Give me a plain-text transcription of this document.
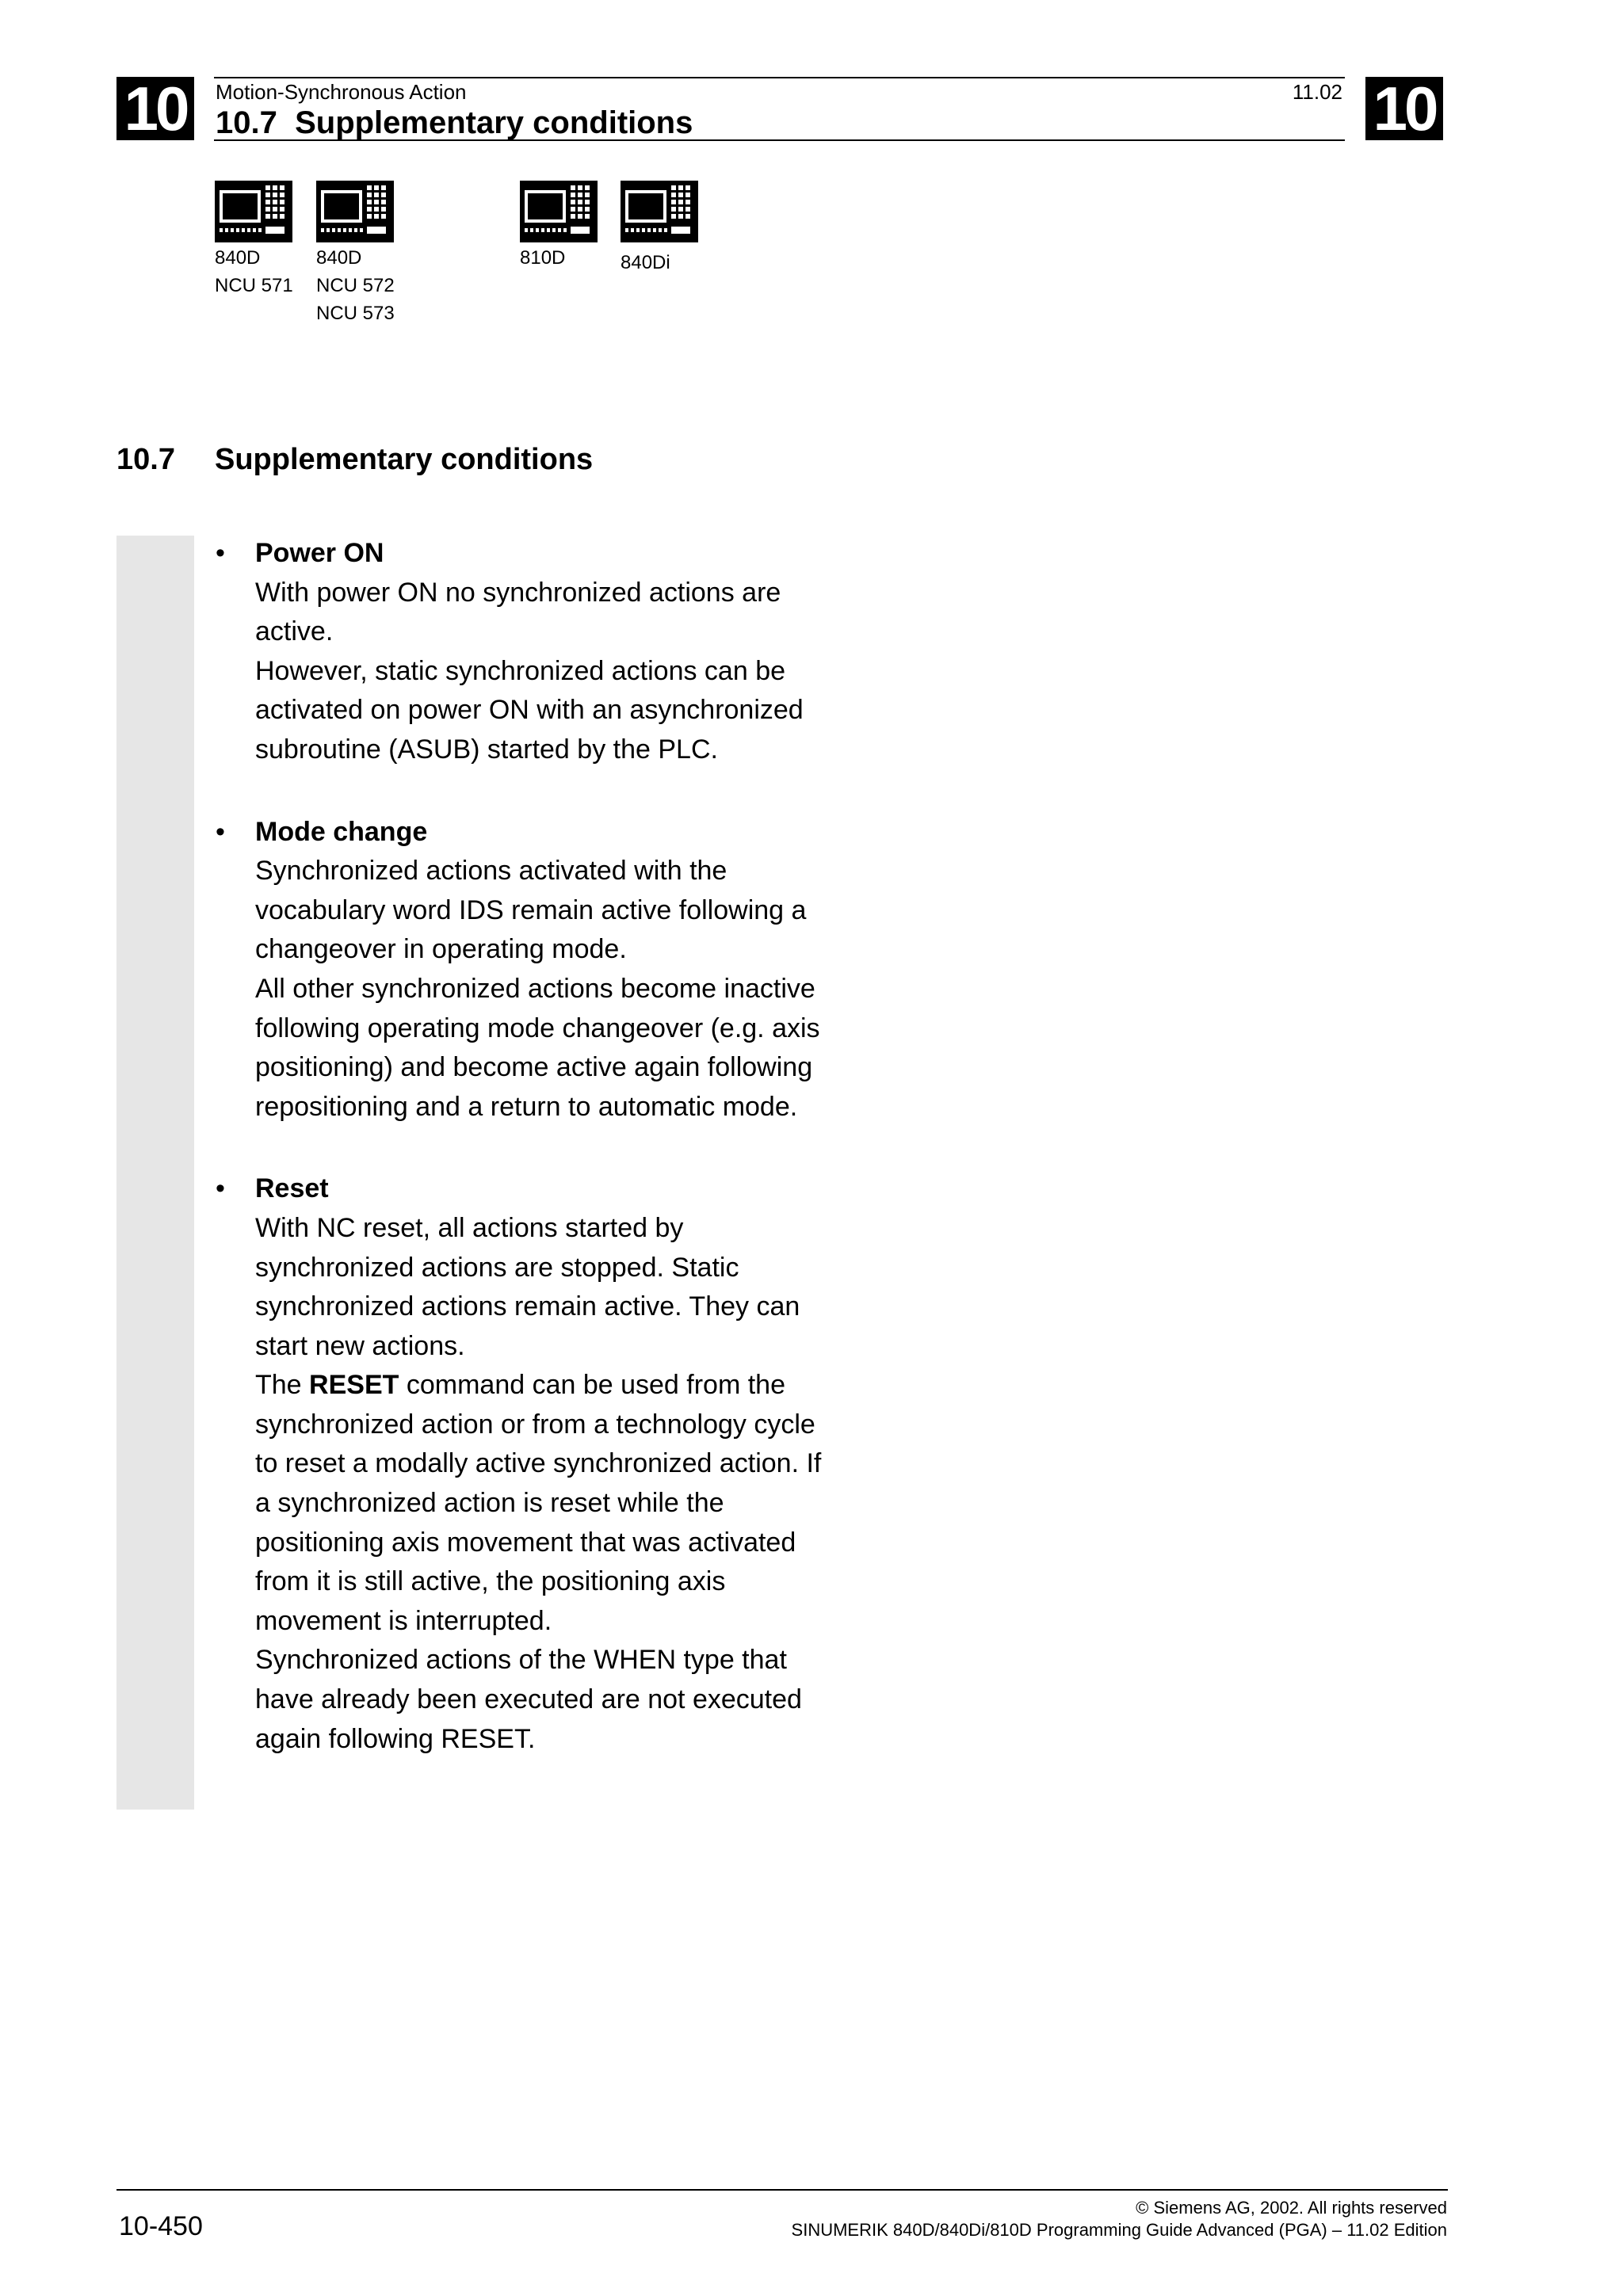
10	10
Motion-Synchronous Action	11.02
10.7  Supplementary conditions
840D
NCU 571
840D
NCU 572
NCU 573
810D	840Di
10.7 Supplementary conditions
•	Power ON
With power ON no synchronized actions are
active.
However, static synchronized actions can be
activated on power ON with an asynchronized
subroutine (ASUB) started by the PLC.
•	Mode change
Synchronized actions activated with the
vocabulary word IDS remain active following a
changeover in operating mode.
All other synchronized actions become inactive
following operating mode changeover (e.g. axis
positioning) and become active again following
repositioning and a return to automatic mode.
•	Reset
With NC reset, all actions started by
synchronized actions are stopped. Static
synchronized actions remain active. They can
start new actions.
The RESET command can be used from the
synchronized action or from a technology cycle
to reset a modally active synchronized action. If
a synchronized action is reset while the
positioning axis movement that was activated
from it is still active, the positioning axis
movement is interrupted.
Synchronized actions of the WHEN type that
have already been executed are not executed
again following RESET.
10-450
© Siemens AG, 2002. All rights reserved
SINUMERIK 840D/840Di/810D Programming Guide Advanced (PGA) – 11.02 Edition
